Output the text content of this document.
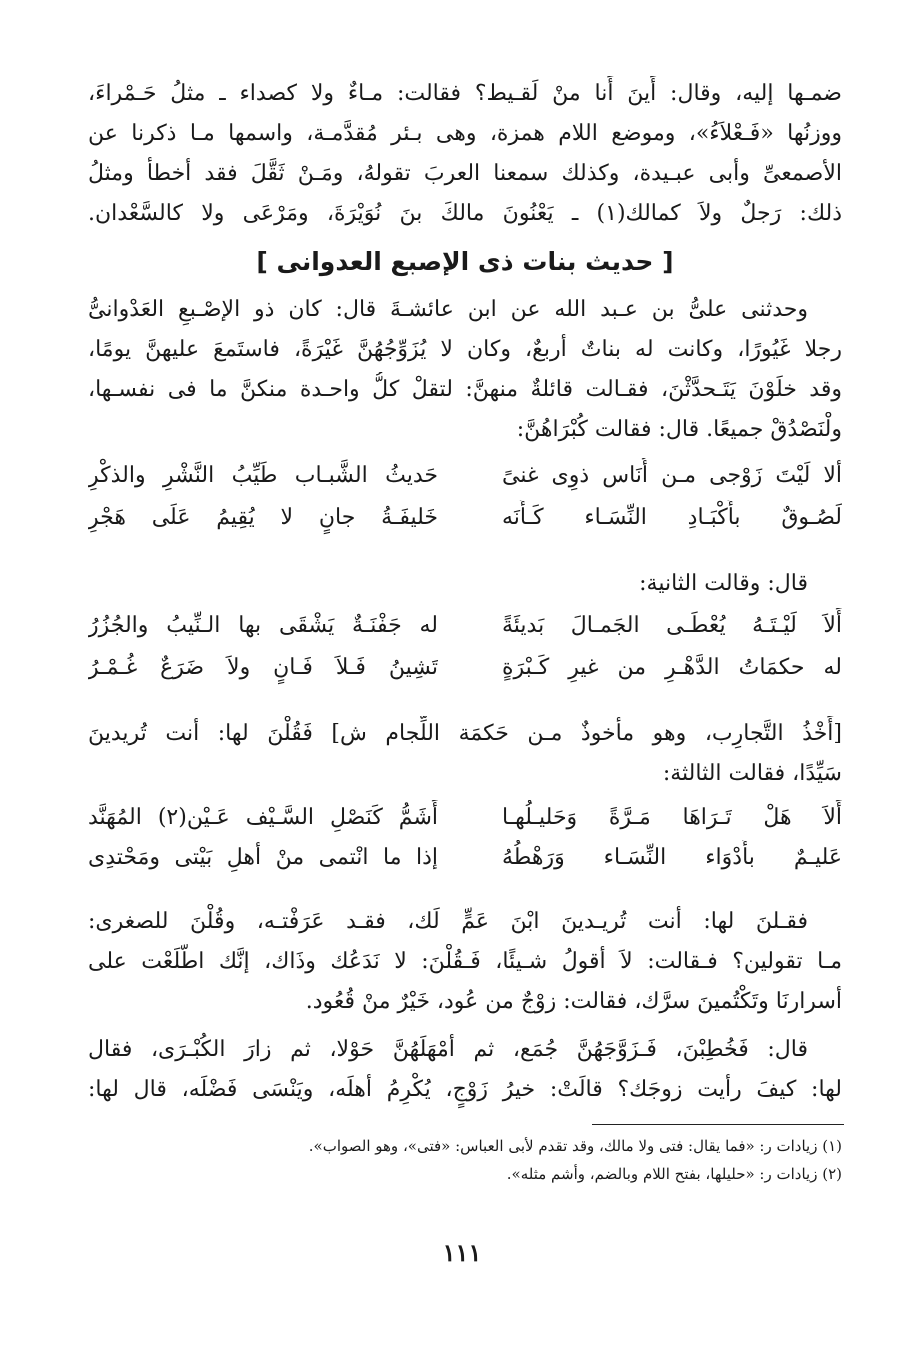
ضمـها إليه، وقال: أَينَ أَنا منْ لَقـيط؟ فقالت: مـاءٌ ولا كصداء ـ مثلُ حَـمْراءَ،
ووزنُها «فَـعْلاَءُ»، وموضع اللام همزة، وهى بـئر مُقدَّمـة، واسمها مـا ذكرنا عن
الأصمعىِّ وأبى عبـيدة، وكذلك سمعنا العربَ تقولهُ، ومَـنْ ثَقَّلَ فقد أخطأ ومثلُ
ذلك: رَجلٌ ولاَ كمالك(١) ـ يَعْنُونَ مالكَ بنَ نُوَيْرَةَ، ومَرْعَى ولا كالسَّعْدان.
[ حديث بنات ذى الإصبع العدوانى ]
وحدثنى علىُّ بن عـبد الله عن ابن عائشـةَ قال: كان ذو الإصْـبعِ العَدْوانىُّ
رجلا غَيُورًا، وكانت له بناتٌ أربعٌ، وكان لا يُزَوِّجُهُنَّ غَيْرَةً، فاستَمعَ عليهنَّ يومًا،
وقد خلَوْنَ يَتَـحدَّثْنَ، فقـالت قائلةٌ منهنَّ: لتقلْ كلُّ واحـدة منكنَّ ما فى نفسـها،
ولْنَصْدُقْ جميعًا. قال: فقالت كُبْرَاهُنَّ:
ألا لَيْتَ زَوْجى مـن أُنَاس ذوِى غنىً
حَديثُ الشَّبـاب طَيِّبُ النَّشْرِ والذكْرِ
لَصُـوقٌ بأَكْبَـادِ النِّسَـاء كَـأَنَه
خَليفَـةُ جانٍ لا يُقِيمُ عَلَى هَجْرِ
قال: وقالت الثانية:
أَلاَ لَيْـتَـهُ يُعْطَـى الجَمـالَ بَديئَةً
له جَفْنَـةٌ يَشْقَى بها الـنِّيبُ والجُزُرُ
له حكمَاتُ الدَّهْـرِ من غيرِ كَـبْرَةٍ
تَشِينُ فَـلاَ فَـانٍ ولاَ ضَرَعٌ غُـمْـرُ
[أَخْذُ التَّجارِب، وهو مأخوذٌ مـن حَكمَة اللِّجام ش] فَقُلْنَ لها: أنت تُريدينَ
سَيِّدًا، فقالت الثالثة:
أَلاَ هَلْ تَـرَاهَا مَـرَّةً وَحَليـلُهـا
أَشَمُّ كَنَصْلِ السَّـيْف عَـيْن(٢) المُهَنَّد
عَليـمٌ بأَدْوَاء النِّسَـاء وَرَهْطُهُ
إذا ما انْتمى منْ أهلِ بَيْتى ومَحْتدِى
فقـلنَ لها: أنت تُريـدينَ ابْنَ عَمٍّ لَك، فقـد عَرَفْتـه، وقُلْنَ للصغرى:
مـا تقولين؟ فـقالت: لاَ أقولُ شـيئًا، فَـقُلْنَ: لا نَدَعُك وذَاك، إنَّك اطَّلَعْت على
أسرارنَا وتَكْتُمينَ سرَّك، فقالت: زوْجٌ من عُود، خَيْرٌ منْ قُعُود.
قال: فَخُطِبْنَ، فَـزَوَّجَهُنَّ جُمَع، ثم أمْهَلَهُنَّ حَوْلا، ثم زارَ الكُبْـرَى، فقال
لها: كيفَ رأيت زوجَك؟ قالَتْ: خيرُ زَوْجٍ، يُكْرِمُ أهلَه، ويَنْسَى فَضْلَه، قال لها:
(١) زيادات ر: «فما يقال: فتى ولا مالك، وقد تقدم لأبى العباس: «فتى»، وهو الصواب».
(٢) زيادات ر: «حليلها، بفتح اللام وبالضم، وأشم مثله».
١١١
